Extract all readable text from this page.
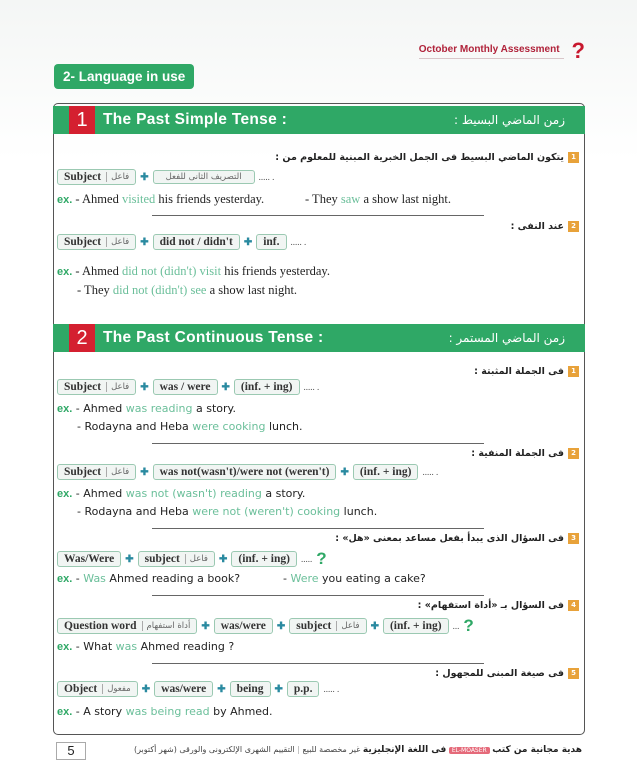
October Monthly Assessment ?
2- Language in use
1 The Past Simple Tense :	زمن الماضي البسيط :
1
يتكون الماضي البسيط فى الجمل الخبرية المبنية للمعلوم من :
Subject	فاعل ✚	التصريف الثانى للفعل	..... .
ex. - Ahmed visited his friends yesterday.	- They saw a show last night.
2
عند النفى :
Subject	فاعل ✚ did not / didn't ✚ inf. ..... .
ex. - Ahmed did not (didn't) visit his friends yesterday.
- They did not (didn't) see a show last night.
2 The Past Continuous Tense :	زمن الماضي المستمر :
1
فى الجملة المثبتة :
Subject	فاعل ✚ was / were ✚ (inf. + ing) ..... .
ex. - Ahmed was reading a story.
- Rodayna and Heba were cooking lunch.
2
فى الجملة المنفية :
Subject	فاعل ✚ was not(wasn't)/were not (weren't) ✚ (inf. + ing) ..... .
ex. - Ahmed was not (wasn't) reading a story.
- Rodayna and Heba were not (weren't) cooking lunch.
3
فى السؤال الذى يبدأ بفعل مساعد بمعنى «هل» :
Was/Were ✚ subject	فاعل ✚ (inf. + ing) ..... ?
ex. - Was Ahmed reading a book?	- Were you eating a cake?
4
فى السؤال بـ «أداة استفهام» :
Question word	أداة استفهام ✚ was/were ✚ subject	فاعل ✚ (inf. + ing) ... ?
ex. - What was Ahmed reading ?
5
فى صيغة المبنى للمجهول :
Object	مفعول ✚ was/were ✚ being ✚ p.p. ..... .
ex. - A story was being read by Ahmed.
5	هدية مجانية من كتب EL-MOASER فى اللغة الإنجليزية غير مخصصة للبيع | التقييم الشهرى الإلكترونى والورقى (شهر أكتوبر)
